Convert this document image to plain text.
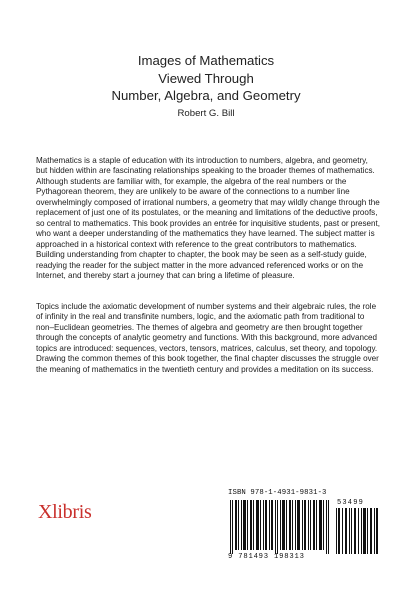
Images of Mathematics
Viewed Through
Number, Algebra, and Geometry
Robert G. Bill

Mathematics is a staple of education with its introduction to numbers, algebra, and geometry, but hidden within are fascinating relationships speaking to the broader themes of mathematics. Although students are familiar with, for example, the algebra of the real numbers or the Pythagorean theorem, they are unlikely to be aware of the connections to a number line overwhelmingly composed of irrational numbers, a geometry that may wildly change through the replacement of just one of its postulates, or the meaning and limitations of the deductive proofs, so central to mathematics. This book provides an entrée for inquisitive students, past or present, who want a deeper understanding of the mathematics they have learned. The subject matter is approached in a historical context with reference to the great contributors to mathematics. Building understanding from chapter to chapter, the book may be seen as a self-study guide, readying the reader for the subject matter in the more advanced referenced works or on the Internet, and thereby start a journey that can bring a lifetime of pleasure.

Topics include the axiomatic development of number systems and their algebraic rules, the role of infinity in the real and transfinite numbers, logic, and the axiomatic path from traditional to non–Euclidean geometries. The themes of algebra and geometry are then brought together through the concepts of analytic geometry and functions. With this background, more advanced topics are introduced: sequences, vectors, tensors, matrices, calculus, set theory, and topology. Drawing the common themes of this book together, the final chapter discusses the struggle over the meaning of mathematics in the twentieth century and provides a meditation on its success.

Xlibris
ISBN 978-1-4931-9831-3
53499
9 781493 198313
